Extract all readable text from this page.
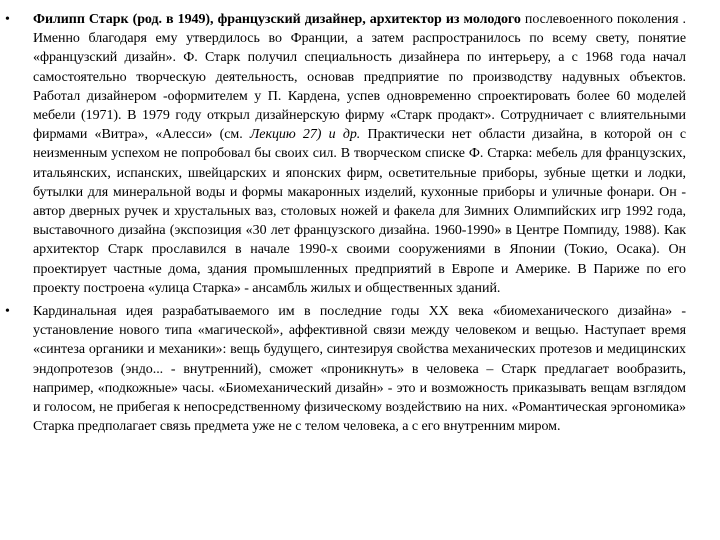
• Филипп Старк (род. в 1949), французский дизайнер, архитектор из молодого послевоенного поколения . Именно благодаря ему утвердилось во Франции, а затем распространилось по всему свету, понятие «французский дизайн». Ф. Старк получил специальность дизайнера по интерьеру, а с 1968 года начал самостоятельно творческую деятельность, основав предприятие по производству надувных объектов. Работал дизайнером -оформителем у П. Кардена, успев одновременно спроектировать более 60 моделей мебели (1971). В 1979 году открыл дизайнерскую фирму «Старк продакт». Сотрудничает с влиятельными фирмами «Витра», «Алесси» (см. Лекцию 27) и др. Практически нет области дизайна, в которой он с неизменным успехом не попробовал бы своих сил. В творческом списке Ф. Старка: мебель для французских, итальянских, испанских, швейцарских и японских фирм, осветительные приборы, зубные щетки и лодки, бутылки для минеральной воды и формы макаронных изделий, кухонные приборы и уличные фонари. Он - автор дверных ручек и хрустальных ваз, столовых ножей и факела для Зимних Олимпийских игр 1992 года, выставочного дизайна (экспозиция «30 лет французского дизайна. 1960-1990» в Центре Помпиду, 1988). Как архитектор Старк прославился в начале 1990-х своими сооружениями в Японии (Токио, Осака). Он проектирует частные дома, здания промышленных предприятий в Европе и Америке. В Париже по его проекту построена «улица Старка» - ансамбль жилых и общественных зданий.

• Кардинальная идея разрабатываемого им в последние годы ХХ века «биомеханического дизайна» - установление нового типа «магической», аффективной связи между человеком и вещью. Наступает время «синтеза органики и механики»: вещь будущего, синтезируя свойства механических протезов и медицинских эндопротезов (эндо... - внутренний), сможет «проникнуть» в человека – Старк предлагает вообразить, например, «подкожные» часы. «Биомеханический дизайн» - это и возможность приказывать вещам взглядом и голосом, не прибегая к непосредственному физическому воздействию на них. «Романтическая эргономика» Старка предполагает связь предмета уже не с телом человека, а с его внутренним миром.
